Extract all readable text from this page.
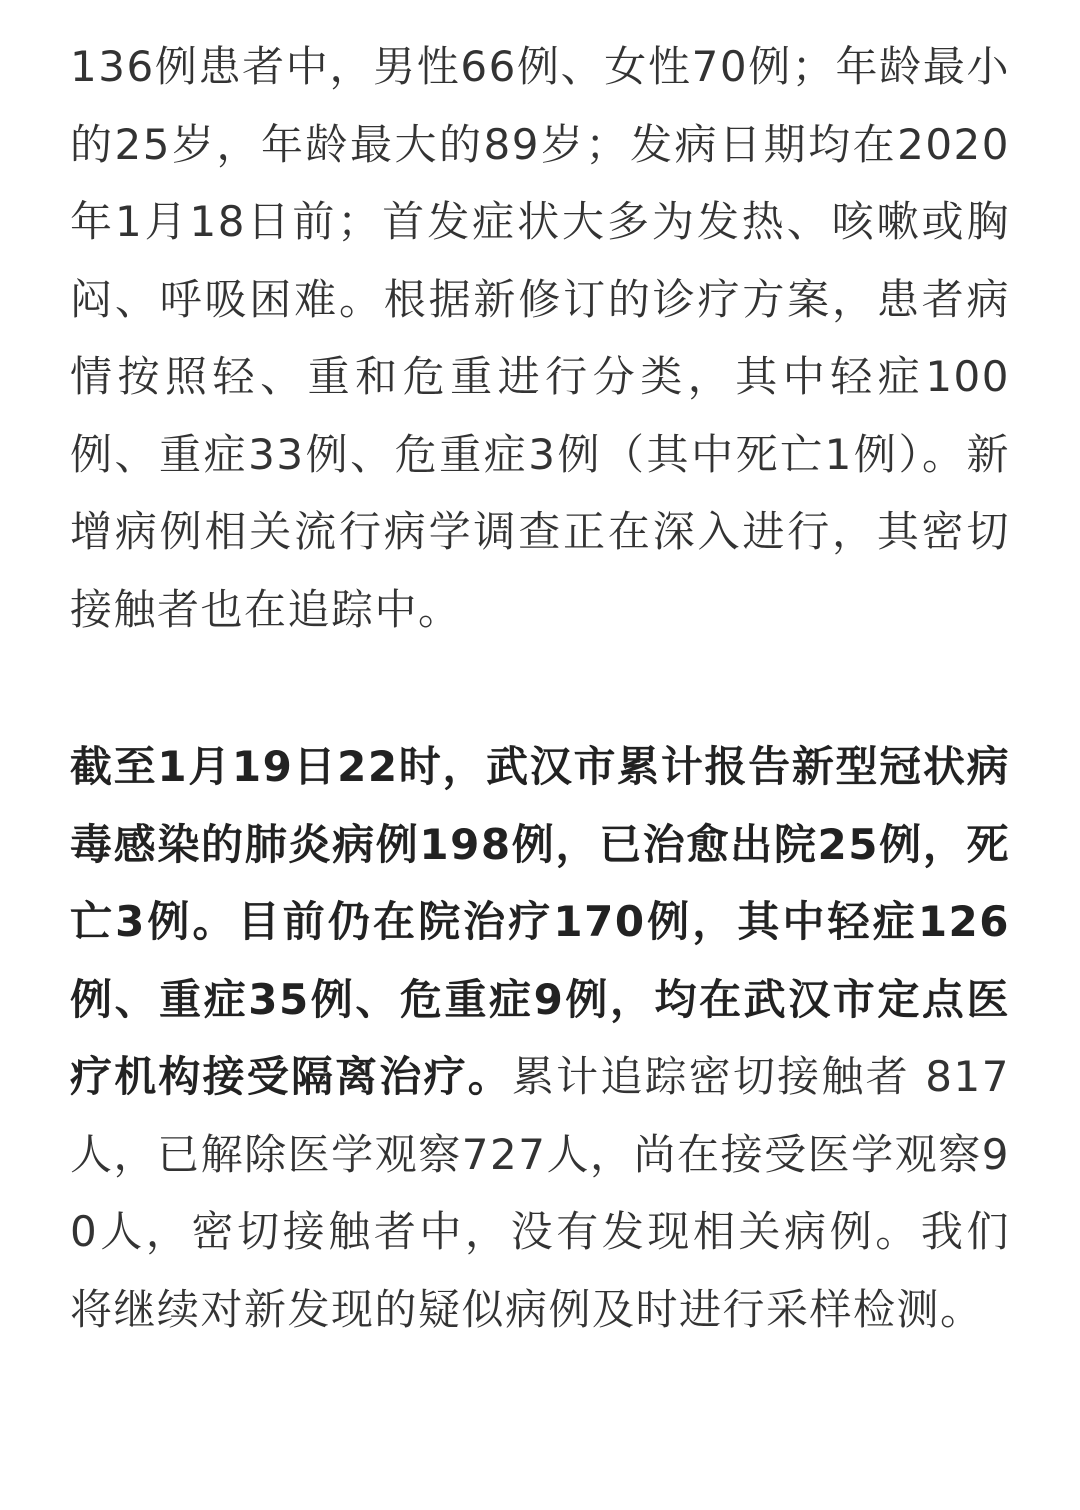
136例患者中，男性66例、女性70例；年龄最小的25岁，年龄最大的89岁；发病日期均在2020年1月18日前；首发症状大多为发热、咳嗽或胸闷、呼吸困难。根据新修订的诊疗方案，患者病情按照轻、重和危重进行分类，其中轻症100例、重症33例、危重症3例（其中死亡1例）。新增病例相关流行病学调查正在深入进行，其密切接触者也在追踪中。

截至1月19日22时，武汉市累计报告新型冠状病毒感染的肺炎病例198例，已治愈出院25例，死亡3例。目前仍在院治疗170例，其中轻症126例、重症35例、危重症9例，均在武汉市定点医疗机构接受隔离治疗。累计追踪密切接触者 817人，已解除医学观察727人，尚在接受医学观察90人，密切接触者中，没有发现相关病例。我们将继续对新发现的疑似病例及时进行采样检测。
